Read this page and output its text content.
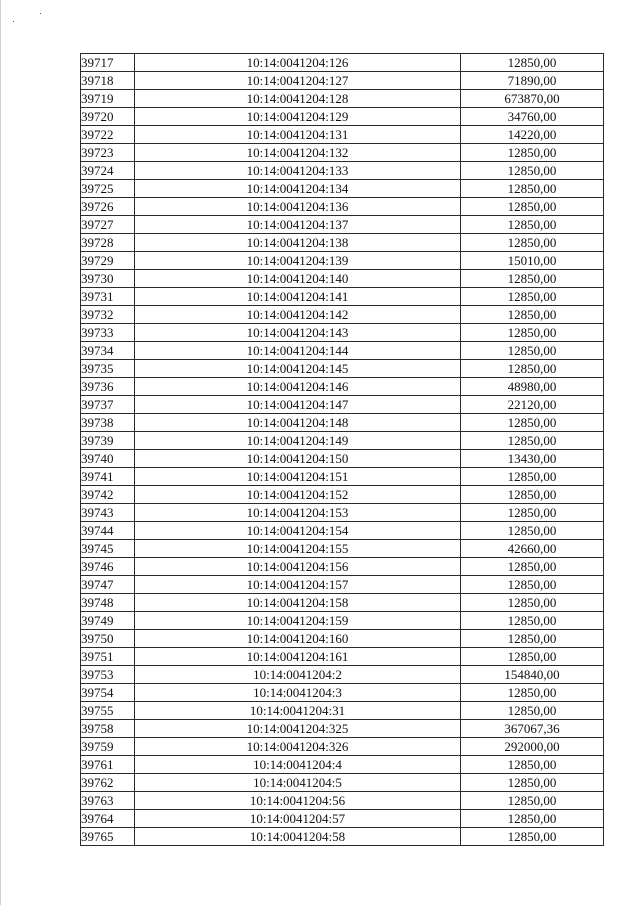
39717	10:14:0041204:126	12850,00
39718	10:14:0041204:127	71890,00
39719	10:14:0041204:128	673870,00
39720	10:14:0041204:129	34760,00
39722	10:14:0041204:131	14220,00
39723	10:14:0041204:132	12850,00
39724	10:14:0041204:133	12850,00
39725	10:14:0041204:134	12850,00
39726	10:14:0041204:136	12850,00
39727	10:14:0041204:137	12850,00
39728	10:14:0041204:138	12850,00
39729	10:14:0041204:139	15010,00
39730	10:14:0041204:140	12850,00
39731	10:14:0041204:141	12850,00
39732	10:14:0041204:142	12850,00
39733	10:14:0041204:143	12850,00
39734	10:14:0041204:144	12850,00
39735	10:14:0041204:145	12850,00
39736	10:14:0041204:146	48980,00
39737	10:14:0041204:147	22120,00
39738	10:14:0041204:148	12850,00
39739	10:14:0041204:149	12850,00
39740	10:14:0041204:150	13430,00
39741	10:14:0041204:151	12850,00
39742	10:14:0041204:152	12850,00
39743	10:14:0041204:153	12850,00
39744	10:14:0041204:154	12850,00
39745	10:14:0041204:155	42660,00
39746	10:14:0041204:156	12850,00
39747	10:14:0041204:157	12850,00
39748	10:14:0041204:158	12850,00
39749	10:14:0041204:159	12850,00
39750	10:14:0041204:160	12850,00
39751	10:14:0041204:161	12850,00
39753	10:14:0041204:2	154840,00
39754	10:14:0041204:3	12850,00
39755	10:14:0041204:31	12850,00
39758	10:14:0041204:325	367067,36
39759	10:14:0041204:326	292000,00
39761	10:14:0041204:4	12850,00
39762	10:14:0041204:5	12850,00
39763	10:14:0041204:56	12850,00
39764	10:14:0041204:57	12850,00
39765	10:14:0041204:58	12850,00
